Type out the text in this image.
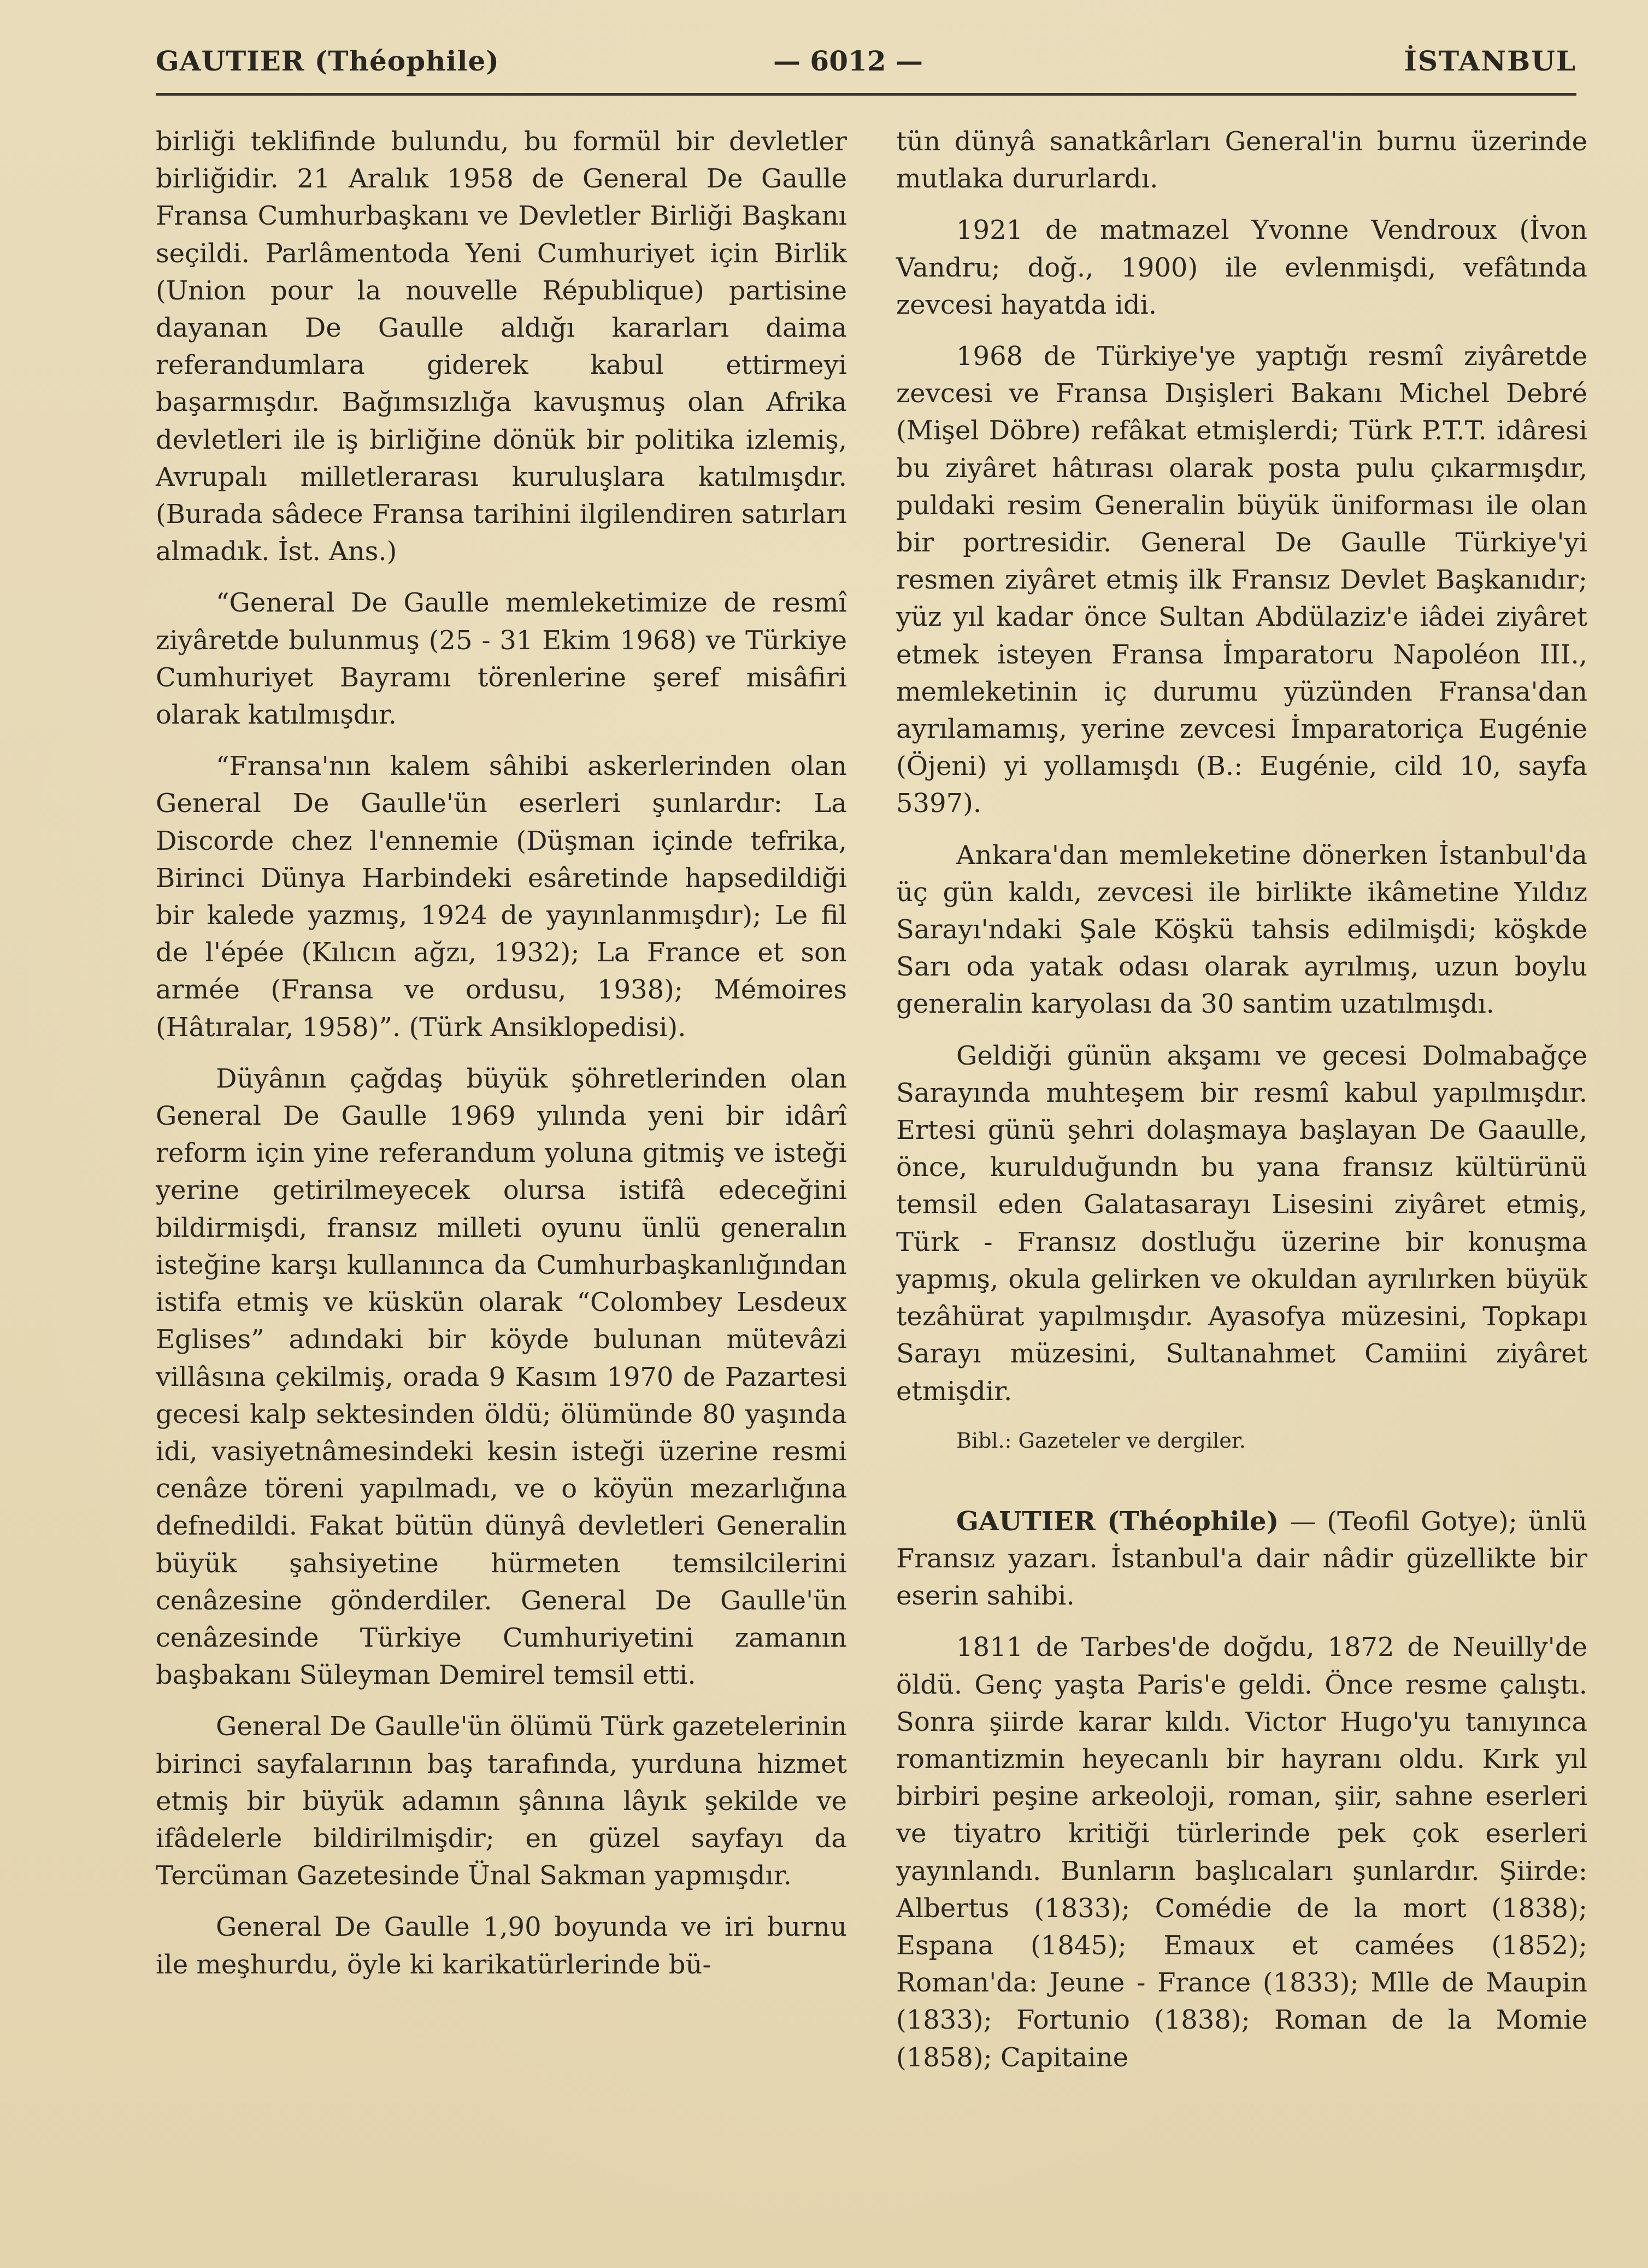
GAUTIER (Théophile)	— 6012 —	İSTANBUL

birliği teklifinde bulundu, bu formül bir devletler birliğidir. 21 Aralık 1958 de General De Gaulle Fransa Cumhurbaşkanı ve Devletler Birliği Başkanı seçildi. Parlâmentoda Yeni Cumhuriyet için Birlik (Union pour la nouvelle République) partisine dayanan De Gaulle aldığı kararları daima referandumlara giderek kabul ettirmeyi başarmışdır. Bağımsızlığa kavuşmuş olan Afrika devletleri ile iş birliğine dönük bir politika izlemiş, Avrupalı milletlerarası kuruluşlara katılmışdır. (Burada sâdece Fransa tarihini ilgilendiren satırları almadık. İst. Ans.)

“General De Gaulle memleketimize de resmî ziyâretde bulunmuş (25 - 31 Ekim 1968) ve Türkiye Cumhuriyet Bayramı törenlerine şeref misâfiri olarak katılmışdır.

“Fransa'nın kalem sâhibi askerlerinden olan General De Gaulle'ün eserleri şunlardır: La Discorde chez l'ennemie (Düşman içinde tefrika, Birinci Dünya Harbindeki esâretinde hapsedildiği bir kalede yazmış, 1924 de yayınlanmışdır); Le fil de l'épée (Kılıcın ağzı, 1932); La France et son armée (Fransa ve ordusu, 1938); Mémoires (Hâtıralar, 1958)”. (Türk Ansiklopedisi).

Düyânın çağdaş büyük şöhretlerinden olan General De Gaulle 1969 yılında yeni bir idârî reform için yine referandum yoluna gitmiş ve isteği yerine getirilmeyecek olursa istifâ edeceğini bildirmişdi, fransız milleti oyunu ünlü generalın isteğine karşı kullanınca da Cumhurbaşkanlığından istifa etmiş ve küskün olarak “Colombey Lesdeux Eglises” adındaki bir köyde bulunan mütevâzi villâsına çekilmiş, orada 9 Kasım 1970 de Pazartesi gecesi kalp sektesinden öldü; ölümünde 80 yaşında idi, vasiyetnâmesindeki kesin isteği üzerine resmi cenâze töreni yapılmadı, ve o köyün mezarlığına defnedildi. Fakat bütün dünyâ devletleri Generalin büyük şahsiyetine hürmeten temsilcilerini cenâzesine gönderdiler. General De Gaulle'ün cenâzesinde Türkiye Cumhuriyetini zamanın başbakanı Süleyman Demirel temsil etti.

General De Gaulle'ün ölümü Türk gazetelerinin birinci sayfalarının baş tarafında, yurduna hizmet etmiş bir büyük adamın şânına lâyık şekilde ve ifâdelerle bildirilmişdir; en güzel sayfayı da Tercüman Gazetesinde Ünal Sakman yapmışdır.

General De Gaulle 1,90 boyunda ve iri burnu ile meşhurdu, öyle ki karikatürlerinde bü-

tün dünyâ sanatkârları General'in burnu üzerinde mutlaka dururlardı.

1921 de matmazel Yvonne Vendroux (İvon Vandru; doğ., 1900) ile evlenmişdi, vefâtında zevcesi hayatda idi.

1968 de Türkiye'ye yaptığı resmî ziyâretde zevcesi ve Fransa Dışişleri Bakanı Michel Debré (Mişel Döbre) refâkat etmişlerdi; Türk P.T.T. idâresi bu ziyâret hâtırası olarak posta pulu çıkarmışdır, puldaki resim Generalin büyük üniforması ile olan bir portresidir. General De Gaulle Türkiye'yi resmen ziyâret etmiş ilk Fransız Devlet Başkanıdır; yüz yıl kadar önce Sultan Abdülaziz'e iâdei ziyâret etmek isteyen Fransa İmparatoru Napoléon III., memleketinin iç durumu yüzünden Fransa'dan ayrılamamış, yerine zevcesi İmparatoriça Eugénie (Öjeni) yi yollamışdı (B.: Eugénie, cild 10, sayfa 5397).

Ankara'dan memleketine dönerken İstanbul'da üç gün kaldı, zevcesi ile birlikte ikâmetine Yıldız Sarayı'ndaki Şale Köşkü tahsis edilmişdi; köşkde Sarı oda yatak odası olarak ayrılmış, uzun boylu generalin karyolası da 30 santim uzatılmışdı.

Geldiği günün akşamı ve gecesi Dolmabağçe Sarayında muhteşem bir resmî kabul yapılmışdır. Ertesi günü şehri dolaşmaya başlayan De Gaaulle, önce, kurulduğundn bu yana fransız kültürünü temsil eden Galatasarayı Lisesini ziyâret etmiş, Türk - Fransız dostluğu üzerine bir konuşma yapmış, okula gelirken ve okuldan ayrılırken büyük tezâhürat yapılmışdır. Ayasofya müzesini, Topkapı Sarayı müzesini, Sultanahmet Camiini ziyâret etmişdir.

Bibl.: Gazeteler ve dergiler.

GAUTIER (Théophile) — (Teofil Gotye); ünlü Fransız yazarı. İstanbul'a dair nâdir güzellikte bir eserin sahibi.

1811 de Tarbes'de doğdu, 1872 de Neuilly'de öldü. Genç yaşta Paris'e geldi. Önce resme çalıştı. Sonra şiirde karar kıldı. Victor Hugo'yu tanıyınca romantizmin heyecanlı bir hayranı oldu. Kırk yıl birbiri peşine arkeoloji, roman, şiir, sahne eserleri ve tiyatro kritiği türlerinde pek çok eserleri yayınlandı. Bunların başlıcaları şunlardır. Şiirde: Albertus (1833); Comédie de la mort (1838); Espana (1845); Emaux et camées (1852); Roman'da: Jeune - France (1833); Mlle de Maupin (1833); Fortunio (1838); Roman de la Momie (1858); Capitaine
